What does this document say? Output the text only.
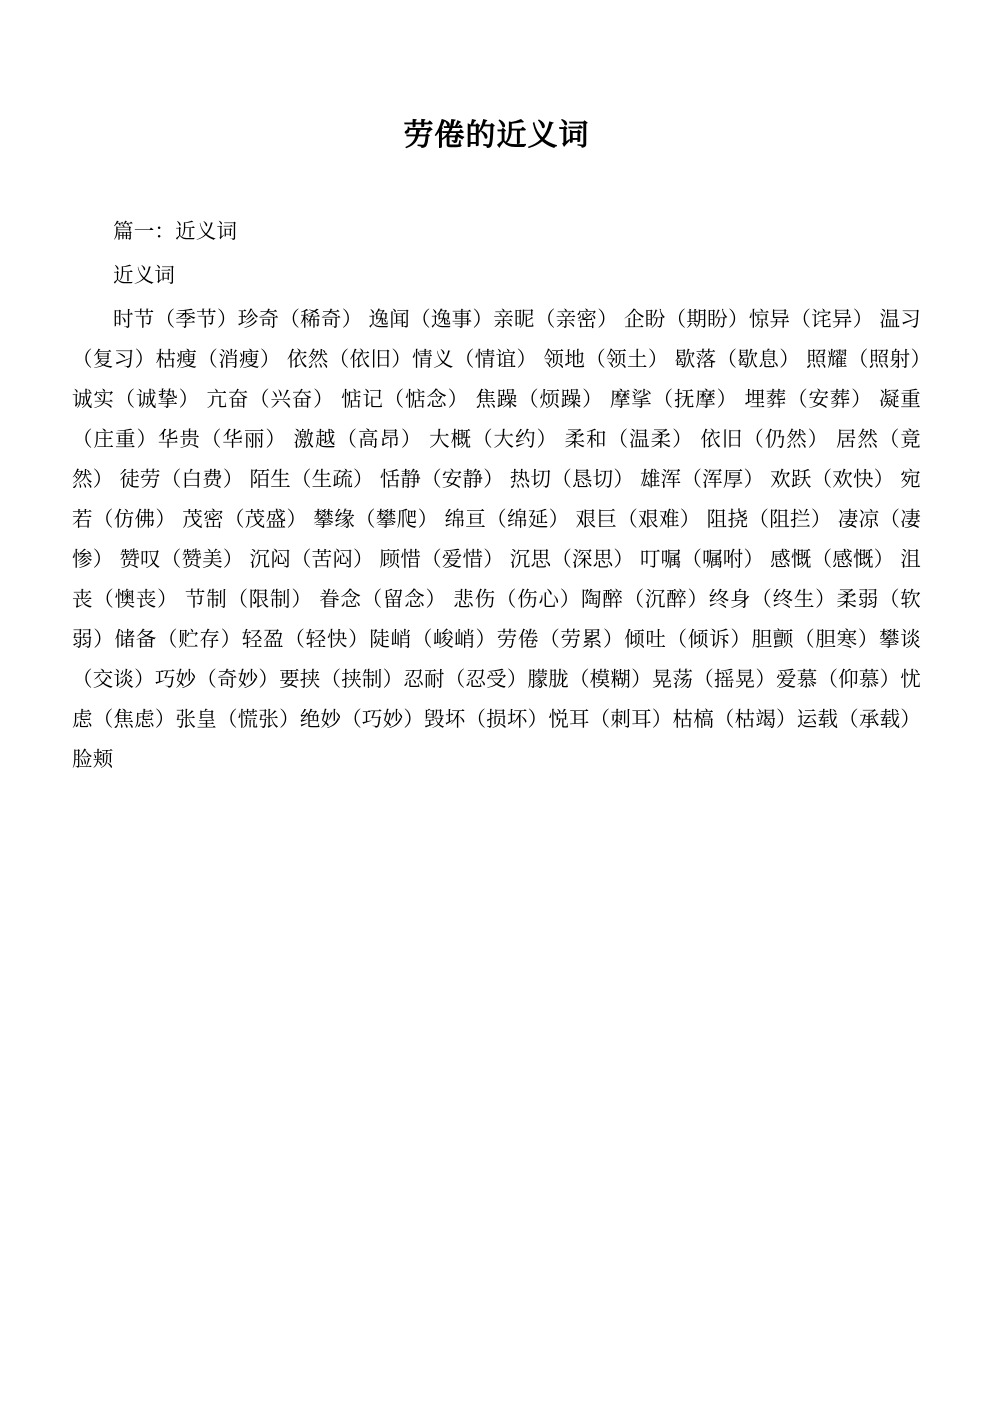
劳倦的近义词

篇一：近义词

近义词

时节（季节）珍奇（稀奇） 逸闻（逸事）亲昵（亲密） 企盼（期盼）惊异（诧异） 温习（复习）枯瘦（消瘦） 依然（依旧）情义（情谊） 领地（领土） 歇落（歇息） 照耀（照射）诚实（诚挚） 亢奋（兴奋） 惦记（惦念） 焦躁（烦躁） 摩挲（抚摩） 埋葬（安葬） 凝重（庄重）华贵（华丽） 激越（高昂） 大概（大约） 柔和（温柔） 依旧（仍然） 居然（竟然） 徒劳（白费） 陌生（生疏） 恬静（安静） 热切（恳切） 雄浑（浑厚） 欢跃（欢快） 宛若（仿佛） 茂密（茂盛） 攀缘（攀爬） 绵亘（绵延） 艰巨（艰难） 阻挠（阻拦） 凄凉（凄惨） 赞叹（赞美） 沉闷（苦闷） 顾惜（爱惜） 沉思（深思） 叮嘱（嘱咐） 感慨（感慨） 沮丧（懊丧） 节制（限制） 眷念（留念） 悲伤（伤心）陶醉（沉醉）终身（终生）柔弱（软弱）储备（贮存）轻盈（轻快）陡峭（峻峭）劳倦（劳累）倾吐（倾诉）胆颤（胆寒）攀谈（交谈）巧妙（奇妙）要挟（挟制）忍耐（忍受）朦胧（模糊）晃荡（摇晃）爱慕（仰慕）忧虑（焦虑）张皇（慌张）绝妙（巧妙）毁坏（损坏）悦耳（刺耳）枯槁（枯竭）运载（承载）脸颊
